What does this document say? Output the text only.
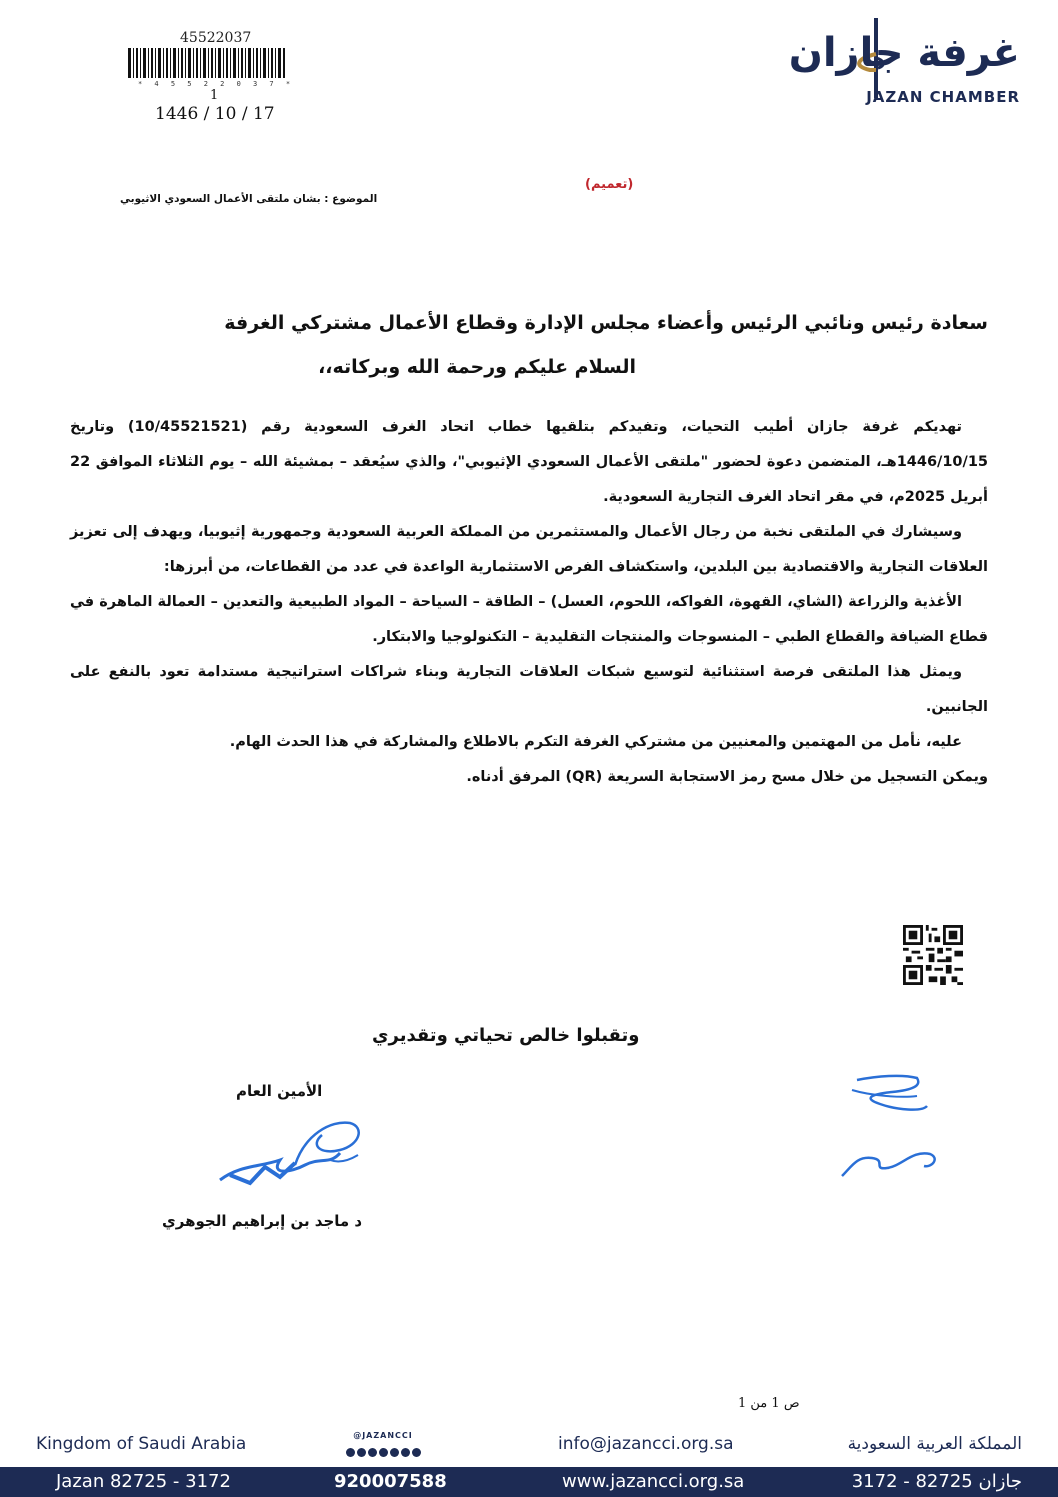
غرفة جازان
JAZAN CHAMBER
45522037
* 4 5 5 2 2 0 3 7 *
1
1446 / 10 / 17
(تعميم)
الموضوع : بشان ملتقى الأعمال السعودي الاثيوبي

سعادة رئيس ونائبي الرئيس وأعضاء مجلس الإدارة وقطاع الأعمال مشتركي الغرفة

السلام عليكم ورحمة الله وبركاته،،

تهديكم غرفة جازان أطيب التحيات، وتفيدكم بتلقيها خطاب اتحاد الغرف السعودية رقم (10/45521521) وتاريخ 1446/10/15هـ، المتضمن دعوة لحضور "ملتقى الأعمال السعودي الإثيوبي"، والذي سيُعقد – بمشيئة الله – يوم الثلاثاء الموافق 22 أبريل 2025م، في مقر اتحاد الغرف التجارية السعودية.

وسيشارك في الملتقى نخبة من رجال الأعمال والمستثمرين من المملكة العربية السعودية وجمهورية إثيوبيا، ويهدف إلى تعزيز العلاقات التجارية والاقتصادية بين البلدين، واستكشاف الفرص الاستثمارية الواعدة في عدد من القطاعات، من أبرزها:

الأغذية والزراعة (الشاي، القهوة، الفواكه، اللحوم، العسل) – الطاقة – السياحة – المواد الطبيعية والتعدين – العمالة الماهرة في قطاع الضيافة والقطاع الطبي – المنسوجات والمنتجات التقليدية – التكنولوجيا والابتكار.

ويمثل هذا الملتقى فرصة استثنائية لتوسيع شبكات العلاقات التجارية وبناء شراكات استراتيجية مستدامة تعود بالنفع على الجانبين.

عليه، نأمل من المهتمين والمعنيين من مشتركي الغرفة التكرم بالاطلاع والمشاركة في هذا الحدث الهام.

ويمكن التسجيل من خلال مسح رمز الاستجابة السريعة (QR) المرفق أدناه.

وتقبلوا خالص تحياتي وتقديري
الأمين العام
د ماجد بن إبراهيم الجوهري
ص 1 من 1
Kingdom of Saudi Arabia	info@jazancci.org.sa	المملكة العربية السعودية
@JAZANCCI
Jazan 82725 - 3172	920007588	www.jazancci.org.sa	جازان 82725 - 3172
